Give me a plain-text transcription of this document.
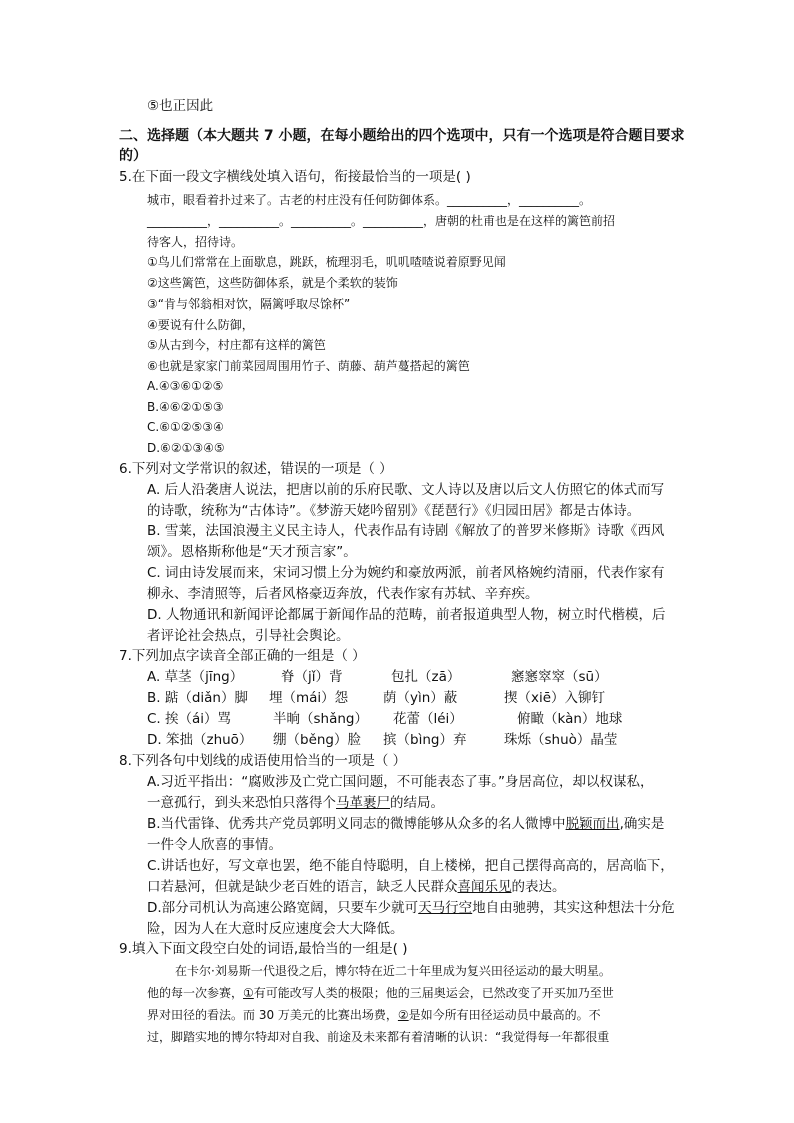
⑤也正因此
二、选择题（本大题共 7 小题，在每小题给出的四个选项中，只有一个选项是符合题目要求
的）
5.在下面一段文字横线处填入语句，衔接最恰当的一项是( )
城市，眼看着扑过来了。古老的村庄没有任何防御体系。__________，__________。
__________，__________。__________。__________，唐朝的杜甫也是在这样的篱笆前招
待客人，招待诗。
①鸟儿们常常在上面歇息，跳跃，梳理羽毛，叽叽喳喳说着原野见闻
②这些篱笆，这些防御体系，就是个柔软的装饰
③“肯与邻翁相对饮，隔篱呼取尽馀杯”
④要说有什么防御，
⑤从古到今，村庄都有这样的篱笆
⑥也就是家家门前菜园周围用竹子、荫藤、葫芦蔓搭起的篱笆
A.④③⑥①②⑤
B.④⑥②①⑤③
C.⑥①②⑤③④
D.⑥②①③④⑤
6.下列对文学常识的叙述，错误的一项是（ ）
A. 后人沿袭唐人说法，把唐以前的乐府民歌、文人诗以及唐以后文人仿照它的体式而写
的诗歌，统称为“古体诗”。《梦游天姥吟留别》《琵琶行》《归园田居》都是古体诗。
B. 雪莱，法国浪漫主义民主诗人，代表作品有诗剧《解放了的普罗米修斯》诗歌《西风
颂》。恩格斯称他是“天才预言家”。
C. 词由诗发展而来，宋词习惯上分为婉约和豪放两派，前者风格婉约清丽，代表作家有
柳永、李清照等，后者风格豪迈奔放，代表作家有苏轼、辛弃疾。
D. 人物通讯和新闻评论都属于新闻作品的范畴，前者报道典型人物，树立时代楷模，后
者评论社会热点，引导社会舆论。
7.下列加点字读音全部正确的一组是（ ）
A. 草茎（jīng）	脊（jǐ）背	包扎（zā）	窸窸窣窣（sū）
B. 踮（diǎn）脚 埋（mái）怨	荫（yìn）蔽	揳（xiē）入铆钉
C. 挨（ái）骂	半晌（shǎng） 花蕾（léi）	俯瞰（kàn）地球
D. 笨拙（zhuō） 绷（běng）脸 摈（bìng）弃	珠烁（shuò）晶莹
8.下列各句中划线的成语使用恰当的一项是（ ）
A.习近平指出：“腐败涉及亡党亡国问题，不可能表态了事。”身居高位，却以权谋私，
一意孤行，到头来恐怕只落得个马革裹尸的结局。
B.当代雷锋、优秀共产党员郭明义同志的微博能够从众多的名人微博中脱颖而出,确实是
一件令人欣喜的事情。
C.讲话也好，写文章也罢，绝不能自恃聪明，自上楼梯，把自己摆得高高的，居高临下，
口若悬河，但就是缺少老百姓的语言，缺乏人民群众喜闻乐见的表达。
D.部分司机认为高速公路宽阔，只要车少就可天马行空地自由驰骋，其实这种想法十分危
险，因为人在大意时反应速度会大大降低。
9.填入下面文段空白处的词语,最恰当的一组是( )
在卡尔·刘易斯一代退役之后，博尔特在近二十年里成为复兴田径运动的最大明星。
他的每一次参赛，①有可能改写人类的极限；他的三届奥运会，已然改变了开买加乃至世
界对田径的看法。而 30 万美元的比赛出场费，②是如今所有田径运动员中最高的。不
过，脚踏实地的博尔特却对自我、前途及未来都有着清晰的认识：“我觉得每一年都很重
